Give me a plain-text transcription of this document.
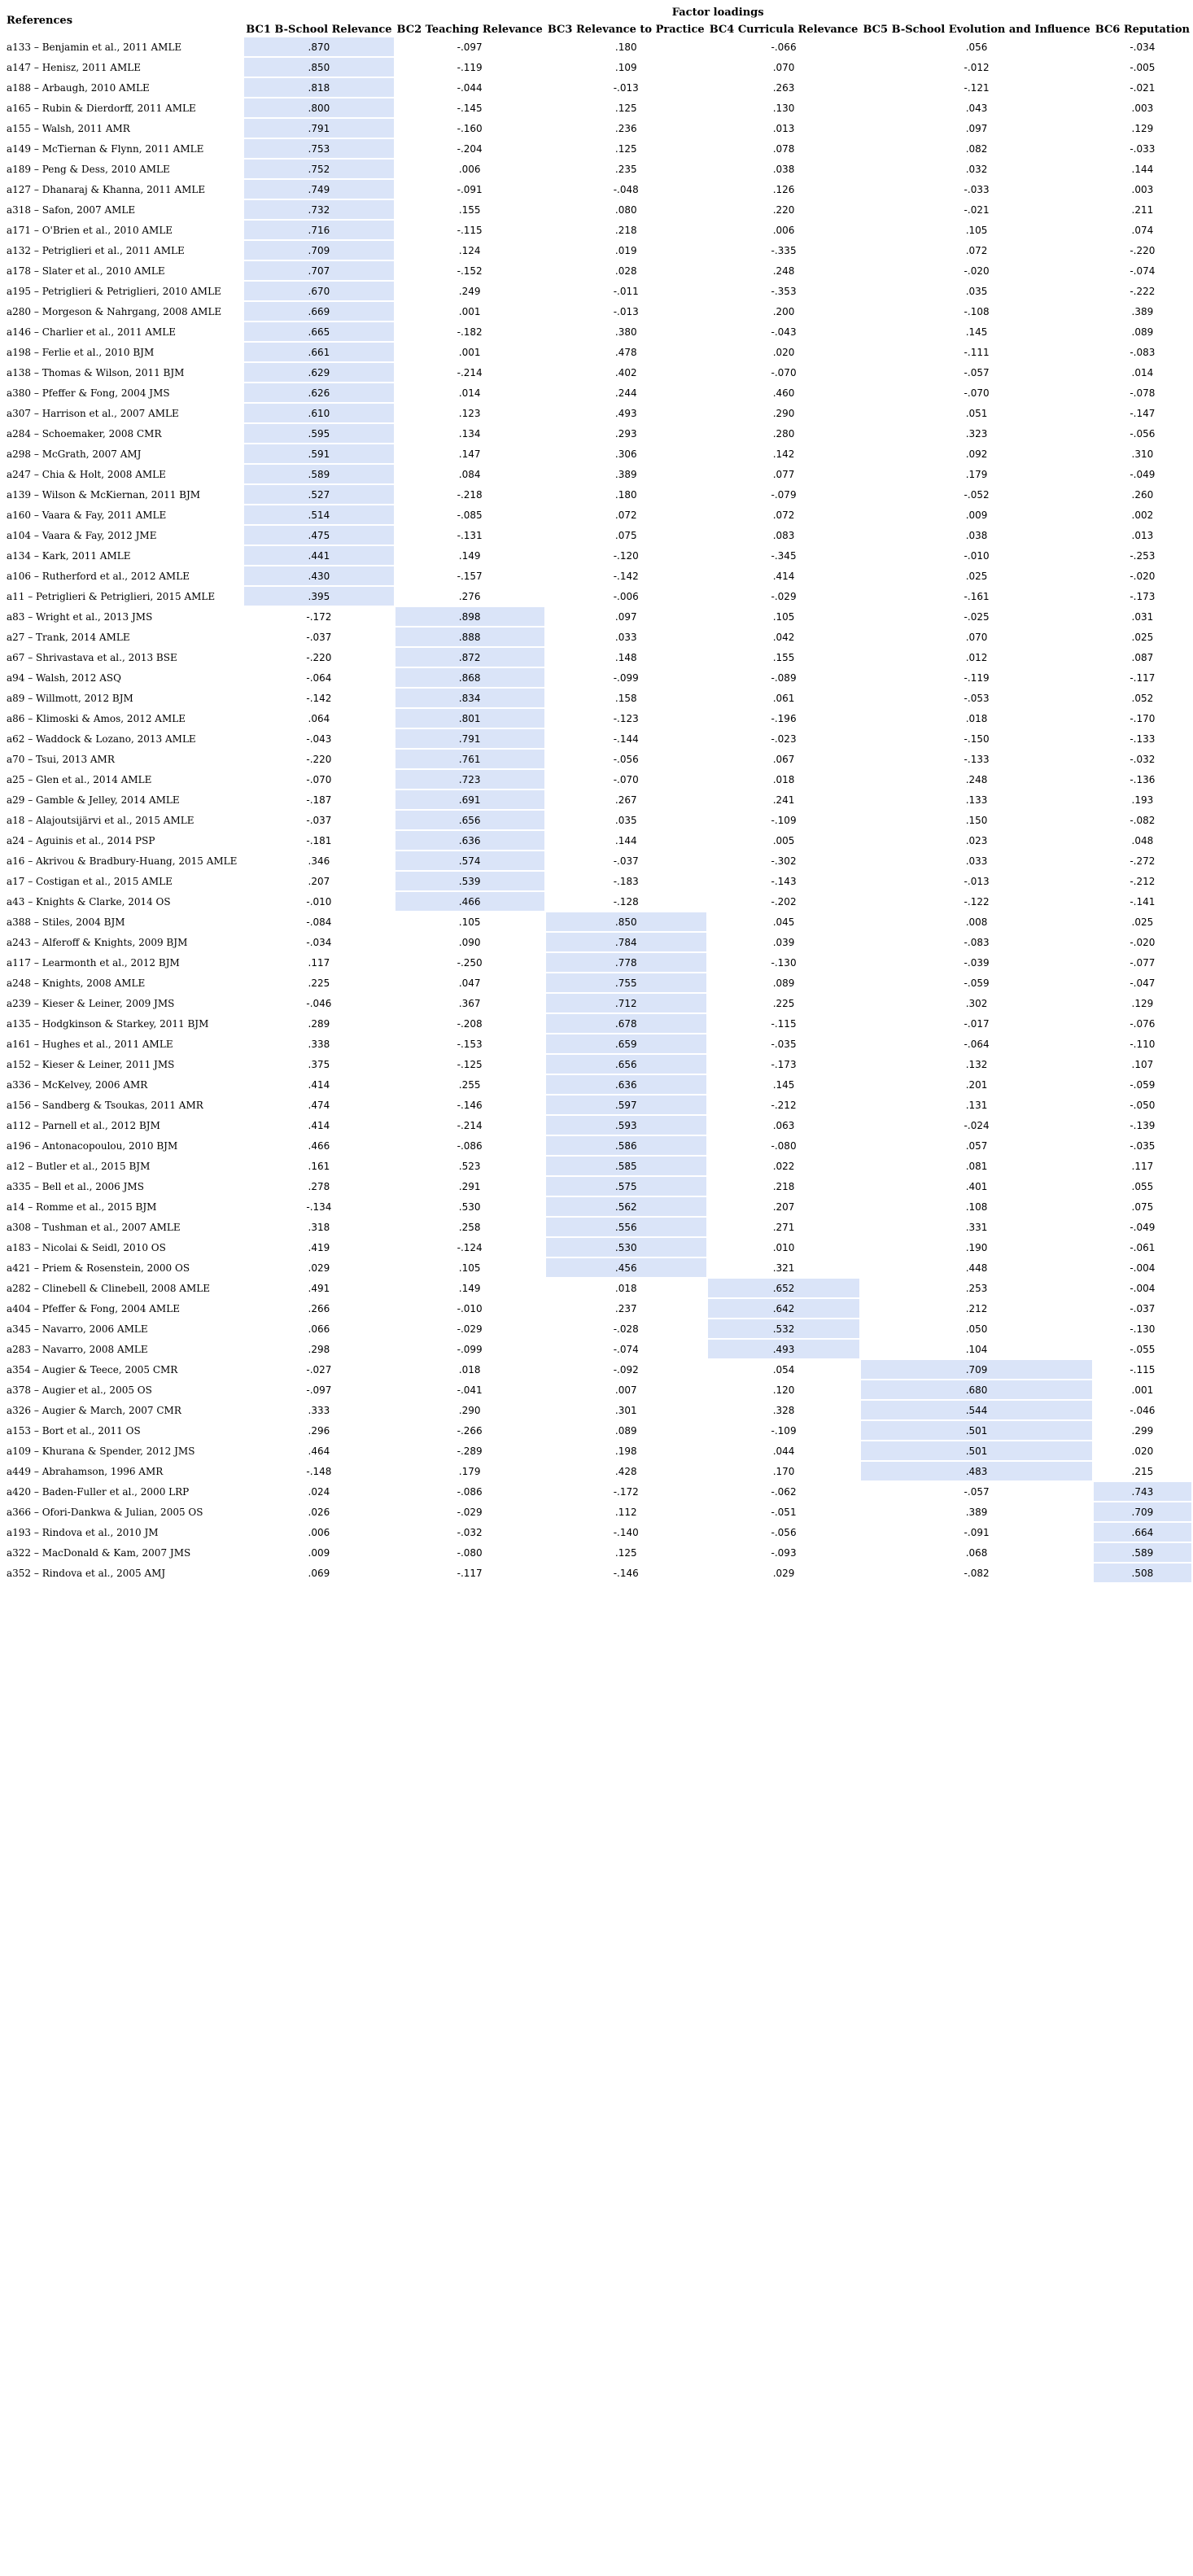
References	Factor loadings					
	BC1 B-School Relevance	BC2 Teaching Relevance	BC3 Relevance to Practice	BC4 Curricula Relevance	BC5 B-School Evolution and Influence	BC6 Reputation
a133 – Benjamin et al., 2011 AMLE	.870	-.097	.180	-.066	.056	-.034
a147 – Henisz, 2011 AMLE	.850	-.119	.109	.070	-.012	-.005
a188 – Arbaugh, 2010 AMLE	.818	-.044	-.013	.263	-.121	-.021
a165 – Rubin & Dierdorff, 2011 AMLE	.800	-.145	.125	.130	.043	.003
a155 – Walsh, 2011 AMR	.791	-.160	.236	.013	.097	.129
a149 – McTiernan & Flynn, 2011 AMLE	.753	-.204	.125	.078	.082	-.033
a189 – Peng & Dess, 2010 AMLE	.752	.006	.235	.038	.032	.144
a127 – Dhanaraj & Khanna, 2011 AMLE	.749	-.091	-.048	.126	-.033	.003
a318 – Safon, 2007 AMLE	.732	.155	.080	.220	-.021	.211
a171 – O'Brien et al., 2010 AMLE	.716	-.115	.218	.006	.105	.074
a132 – Petriglieri et al., 2011 AMLE	.709	.124	.019	-.335	.072	-.220
a178 – Slater et al., 2010 AMLE	.707	-.152	.028	.248	-.020	-.074
a195 – Petriglieri & Petriglieri, 2010 AMLE	.670	.249	-.011	-.353	.035	-.222
a280 – Morgeson & Nahrgang, 2008 AMLE	.669	.001	-.013	.200	-.108	.389
a146 – Charlier et al., 2011 AMLE	.665	-.182	.380	-.043	.145	.089
a198 – Ferlie et al., 2010 BJM	.661	.001	.478	.020	-.111	-.083
a138 – Thomas & Wilson, 2011 BJM	.629	-.214	.402	-.070	-.057	.014
a380 – Pfeffer & Fong, 2004 JMS	.626	.014	.244	.460	-.070	-.078
a307 – Harrison et al., 2007 AMLE	.610	.123	.493	.290	.051	-.147
a284 – Schoemaker, 2008 CMR	.595	.134	.293	.280	.323	-.056
a298 – McGrath, 2007 AMJ	.591	.147	.306	.142	.092	.310
a247 – Chia & Holt, 2008 AMLE	.589	.084	.389	.077	.179	-.049
a139 – Wilson & McKiernan, 2011 BJM	.527	-.218	.180	-.079	-.052	.260
a160 – Vaara & Fay, 2011 AMLE	.514	-.085	.072	.072	.009	.002
a104 – Vaara & Fay, 2012 JME	.475	-.131	.075	.083	.038	.013
a134 – Kark, 2011 AMLE	.441	.149	-.120	-.345	-.010	-.253
a106 – Rutherford et al., 2012 AMLE	.430	-.157	-.142	.414	.025	-.020
a11 – Petriglieri & Petriglieri, 2015 AMLE	.395	.276	-.006	-.029	-.161	-.173
a83 – Wright et al., 2013 JMS	-.172	.898	.097	.105	-.025	.031
a27 – Trank, 2014 AMLE	-.037	.888	.033	.042	.070	.025
a67 – Shrivastava et al., 2013 BSE	-.220	.872	.148	.155	.012	.087
a94 – Walsh, 2012 ASQ	-.064	.868	-.099	-.089	-.119	-.117
a89 – Willmott, 2012 BJM	-.142	.834	.158	.061	-.053	.052
a86 – Klimoski & Amos, 2012 AMLE	.064	.801	-.123	-.196	.018	-.170
a62 – Waddock & Lozano, 2013 AMLE	-.043	.791	-.144	-.023	-.150	-.133
a70 – Tsui, 2013 AMR	-.220	.761	-.056	.067	-.133	-.032
a25 – Glen et al., 2014 AMLE	-.070	.723	-.070	.018	.248	-.136
a29 – Gamble & Jelley, 2014 AMLE	-.187	.691	.267	.241	.133	.193
a18 – Alajoutsijärvi et al., 2015 AMLE	-.037	.656	.035	-.109	.150	-.082
a24 – Aguinis et al., 2014 PSP	-.181	.636	.144	.005	.023	.048
a16 – Akrivou & Bradbury-Huang, 2015 AMLE	.346	.574	-.037	-.302	.033	-.272
a17 – Costigan et al., 2015 AMLE	.207	.539	-.183	-.143	-.013	-.212
a43 – Knights & Clarke, 2014 OS	-.010	.466	-.128	-.202	-.122	-.141
a388 – Stiles, 2004 BJM	-.084	.105	.850	.045	.008	.025
a243 – Alferoff & Knights, 2009 BJM	-.034	.090	.784	.039	-.083	-.020
a117 – Learmonth et al., 2012 BJM	.117	-.250	.778	-.130	-.039	-.077
a248 – Knights, 2008 AMLE	.225	.047	.755	.089	-.059	-.047
a239 – Kieser & Leiner, 2009 JMS	-.046	.367	.712	.225	.302	.129
a135 – Hodgkinson & Starkey, 2011 BJM	.289	-.208	.678	-.115	-.017	-.076
a161 – Hughes et al., 2011 AMLE	.338	-.153	.659	-.035	-.064	-.110
a152 – Kieser & Leiner, 2011 JMS	.375	-.125	.656	-.173	.132	.107
a336 – McKelvey, 2006 AMR	.414	.255	.636	.145	.201	-.059
a156 – Sandberg & Tsoukas, 2011 AMR	.474	-.146	.597	-.212	.131	-.050
a112 – Parnell et al., 2012 BJM	.414	-.214	.593	.063	-.024	-.139
a196 – Antonacopoulou, 2010 BJM	.466	-.086	.586	-.080	.057	-.035
a12 – Butler et al., 2015 BJM	.161	.523	.585	.022	.081	.117
a335 – Bell et al., 2006 JMS	.278	.291	.575	.218	.401	.055
a14 – Romme et al., 2015 BJM	-.134	.530	.562	.207	.108	.075
a308 – Tushman et al., 2007 AMLE	.318	.258	.556	.271	.331	-.049
a183 – Nicolai & Seidl, 2010 OS	.419	-.124	.530	.010	.190	-.061
a421 – Priem & Rosenstein, 2000 OS	.029	.105	.456	.321	.448	-.004
a282 – Clinebell & Clinebell, 2008 AMLE	.491	.149	.018	.652	.253	-.004
a404 – Pfeffer & Fong, 2004 AMLE	.266	-.010	.237	.642	.212	-.037
a345 – Navarro, 2006 AMLE	.066	-.029	-.028	.532	.050	-.130
a283 – Navarro, 2008 AMLE	.298	-.099	-.074	.493	.104	-.055
a354 – Augier & Teece, 2005 CMR	-.027	.018	-.092	.054	.709	-.115
a378 – Augier et al., 2005 OS	-.097	-.041	.007	.120	.680	.001
a326 – Augier & March, 2007 CMR	.333	.290	.301	.328	.544	-.046
a153 – Bort et al., 2011 OS	.296	-.266	.089	-.109	.501	.299
a109 – Khurana & Spender, 2012 JMS	.464	-.289	.198	.044	.501	.020
a449 – Abrahamson, 1996 AMR	-.148	.179	.428	.170	.483	.215
a420 – Baden-Fuller et al., 2000 LRP	.024	-.086	-.172	-.062	-.057	.743
a366 – Ofori-Dankwa & Julian, 2005 OS	.026	-.029	.112	-.051	.389	.709
a193 – Rindova et al., 2010 JM	.006	-.032	-.140	-.056	-.091	.664
a322 – MacDonald & Kam, 2007 JMS	.009	-.080	.125	-.093	.068	.589
a352 – Rindova et al., 2005 AMJ	.069	-.117	-.146	.029	-.082	.508
